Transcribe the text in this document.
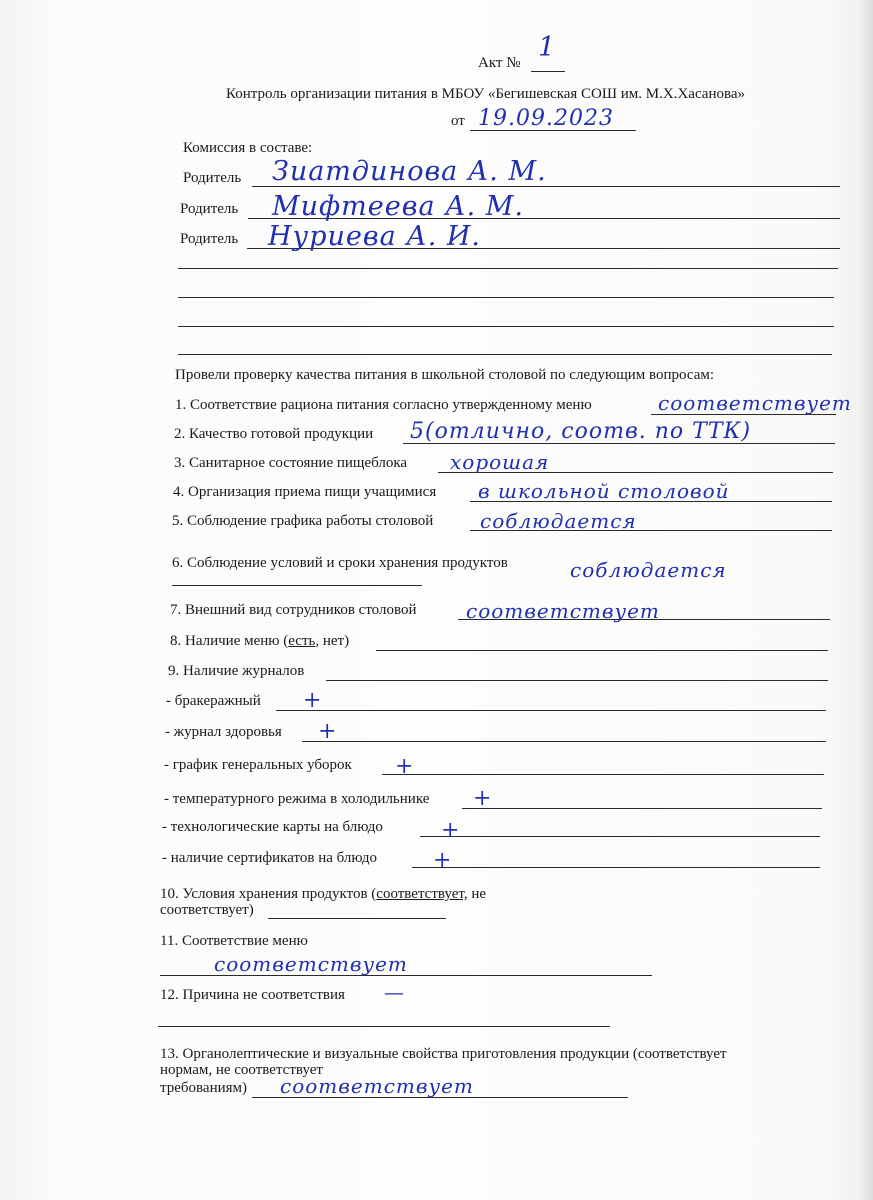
Акт № 1
Контроль организации питания в МБОУ «Бегишевская СОШ им. М.Х.Хасанова»
от 19.09.2023
Комиссия в составе:
Родитель Зиатдинова А. М.
Родитель Мифтеева А. М.
Родитель Нуриева А. И.
Провели проверку качества питания в школьной столовой по следующим вопросам:
1. Соответствие рациона питания согласно утвержденному меню	соответствует
2. Качество готовой продукции 5(отлично, соотв. по ТТК)
3. Санитарное состояние пищеблока хорошая
4. Организация приема пищи учащимися в школьной столовой
5. Соблюдение графика работы столовой соблюдается
6. Соблюдение условий и сроки хранения продуктов	соблюдается
7. Внешний вид сотрудников столовой соответствует
8. Наличие меню (есть, нет)
9. Наличие журналов
- бракеражный +
- журнал здоровья +
- график генеральных уборок +
- температурного режима в холодильнике +
- технологические карты на блюдо	+
- наличие сертификатов на блюдо	+
10. Условия хранения продуктов (соответствует, не
соответствует)
11. Соответствие меню
соответствует
12. Причина не соответствия —
13. Органолептические и визуальные свойства приготовления продукции (соответствует
нормам, не соответствует
требованиям) соответствует
